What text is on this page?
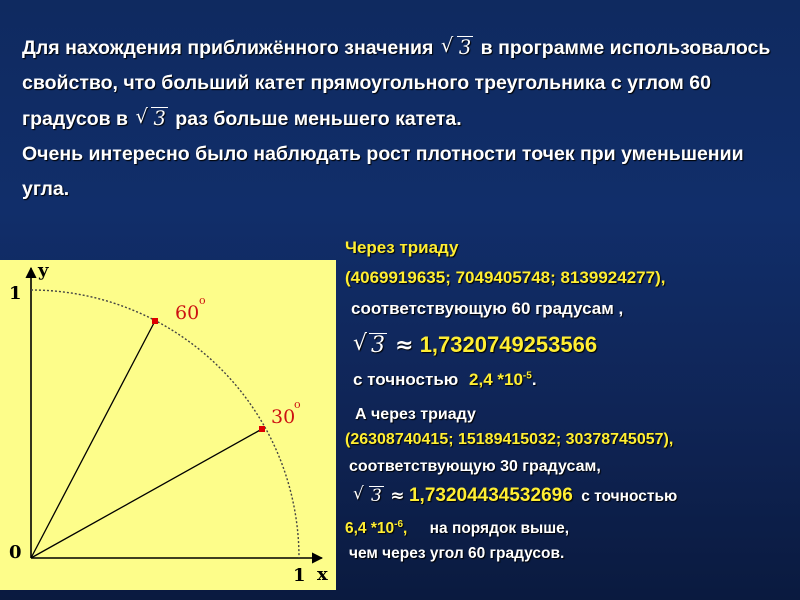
Для нахождения приближённого значения √ 3 в программе использовалось свойство, что больший катет прямоугольного треугольника с углом 60 градусов в √ 3 раз больше меньшего катета.

Очень интересно было наблюдать рост плотности точек при уменьшении угла.

y
x
1
1
0
60
o
30
o
Через триаду
(4069919635; 7049405748; 8139924277),
соответствующую 60 градусам ,
√ 3 ≈ 1,7320749253566
с точностью 2,4 $*10^{-5}$.
А через триаду
(26308740415; 15189415032; 30378745057),
соответствующую 30 градусам,
√ 3 ≈ 1,73204434532696 с точностью
6,4 $*10^{-6}$, на порядок выше,
чем через угол 60 градусов.
